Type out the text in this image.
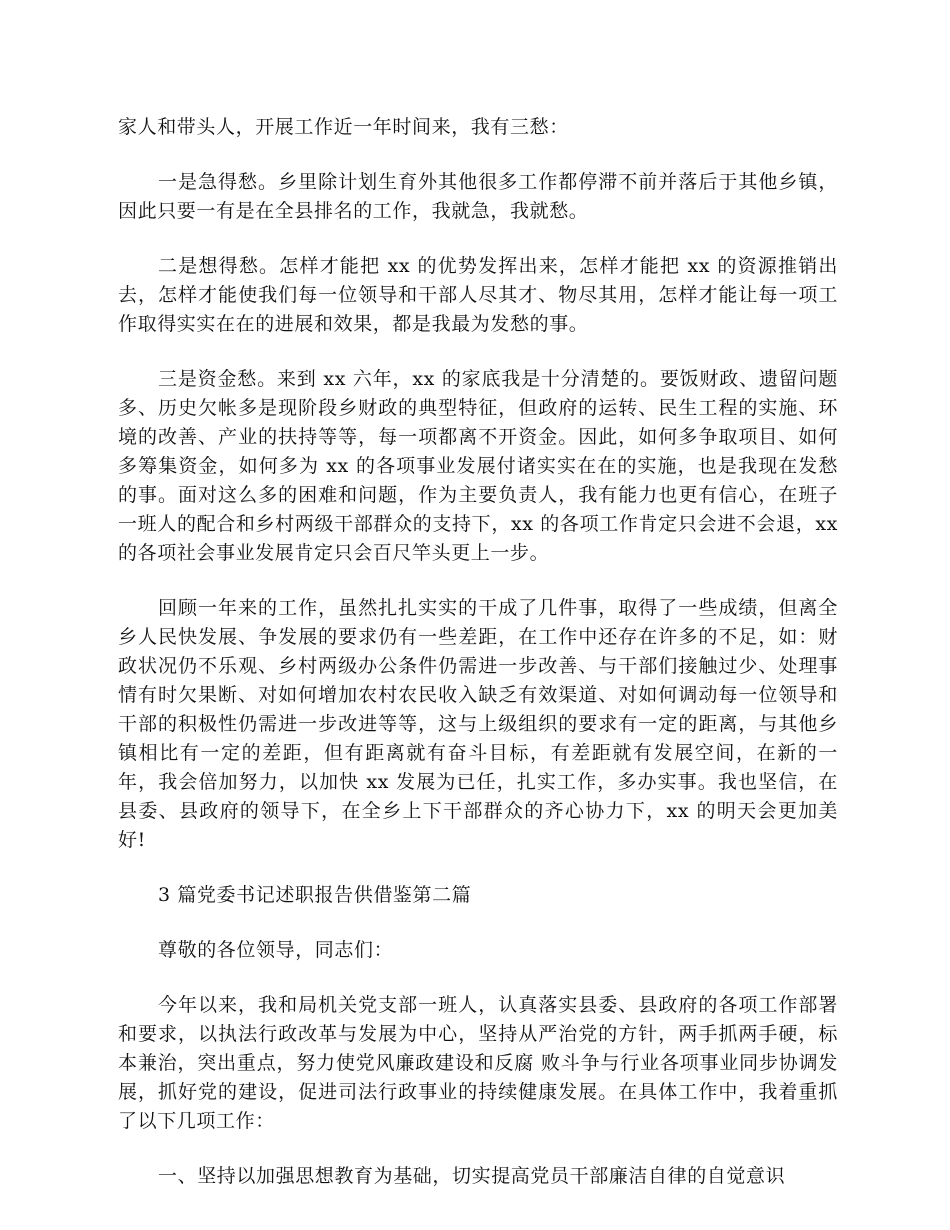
家人和带头人，开展工作近一年时间来，我有三愁：

一是急得愁。乡里除计划生育外其他很多工作都停滞不前并落后于其他乡镇，因此只要一有是在全县排名的工作，我就急，我就愁。

二是想得愁。怎样才能把 xx 的优势发挥出来，怎样才能把 xx 的资源推销出去，怎样才能使我们每一位领导和干部人尽其才、物尽其用，怎样才能让每一项工作取得实实在在的进展和效果，都是我最为发愁的事。

三是资金愁。来到 xx 六年，xx 的家底我是十分清楚的。要饭财政、遗留问题多、历史欠帐多是现阶段乡财政的典型特征，但政府的运转、民生工程的实施、环境的改善、产业的扶持等等，每一项都离不开资金。因此，如何多争取项目、如何多筹集资金，如何多为 xx 的各项事业发展付诸实实在在的实施，也是我现在发愁的事。面对这么多的困难和问题，作为主要负责人，我有能力也更有信心，在班子一班人的配合和乡村两级干部群众的支持下，xx 的各项工作肯定只会进不会退，xx 的各项社会事业发展肯定只会百尺竿头更上一步。

回顾一年来的工作，虽然扎扎实实的干成了几件事，取得了一些成绩，但离全乡人民快发展、争发展的要求仍有一些差距，在工作中还存在许多的不足，如：财政状况仍不乐观、乡村两级办公条件仍需进一步改善、与干部们接触过少、处理事情有时欠果断、对如何增加农村农民收入缺乏有效渠道、对如何调动每一位领导和干部的积极性仍需进一步改进等等，这与上级组织的要求有一定的距离，与其他乡镇相比有一定的差距，但有距离就有奋斗目标，有差距就有发展空间，在新的一年，我会倍加努力，以加快 xx 发展为已任，扎实工作，多办实事。我也坚信，在县委、县政府的领导下，在全乡上下干部群众的齐心协力下，xx 的明天会更加美好!

3 篇党委书记述职报告供借鉴第二篇

尊敬的各位领导，同志们：

今年以来，我和局机关党支部一班人，认真落实县委、县政府的各项工作部署和要求，以执法行政改革与发展为中心，坚持从严治党的方针，两手抓两手硬，标本兼治，突出重点，努力使党风廉政建设和反腐 败斗争与行业各项事业同步协调发展，抓好党的建设，促进司法行政事业的持续健康发展。在具体工作中，我着重抓了以下几项工作：

一、坚持以加强思想教育为基础，切实提高党员干部廉洁自律的自觉意识
